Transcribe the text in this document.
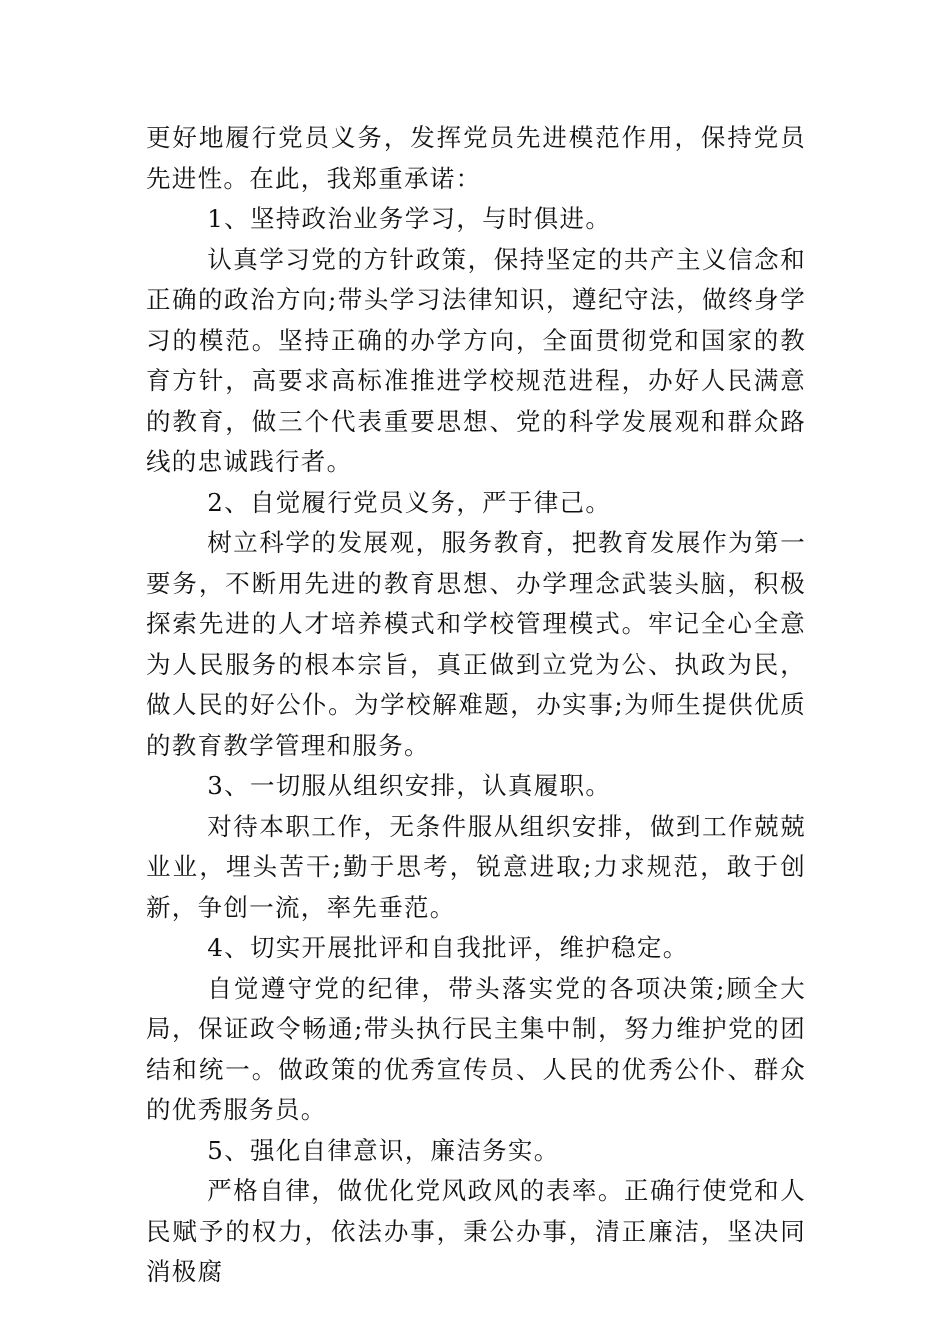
更好地履行党员义务，发挥党员先进模范作用，保持党员先进性。在此，我郑重承诺：

1、坚持政治业务学习，与时俱进。

认真学习党的方针政策，保持坚定的共产主义信念和正确的政治方向;带头学习法律知识，遵纪守法，做终身学习的模范。坚持正确的办学方向，全面贯彻党和国家的教育方针，高要求高标准推进学校规范进程，办好人民满意的教育，做三个代表重要思想、党的科学发展观和群众路线的忠诚践行者。

2、自觉履行党员义务，严于律己。

树立科学的发展观，服务教育，把教育发展作为第一要务，不断用先进的教育思想、办学理念武装头脑，积极探索先进的人才培养模式和学校管理模式。牢记全心全意为人民服务的根本宗旨，真正做到立党为公、执政为民，做人民的好公仆。为学校解难题，办实事;为师生提供优质的教育教学管理和服务。

3、一切服从组织安排，认真履职。

对待本职工作，无条件服从组织安排，做到工作兢兢业业，埋头苦干;勤于思考，锐意进取;力求规范，敢于创新，争创一流，率先垂范。

4、切实开展批评和自我批评，维护稳定。

自觉遵守党的纪律，带头落实党的各项决策;顾全大局，保证政令畅通;带头执行民主集中制，努力维护党的团结和统一。做政策的优秀宣传员、人民的优秀公仆、群众的优秀服务员。

5、强化自律意识，廉洁务实。

严格自律，做优化党风政风的表率。正确行使党和人民赋予的权力，依法办事，秉公办事，清正廉洁，坚决同消极腐
